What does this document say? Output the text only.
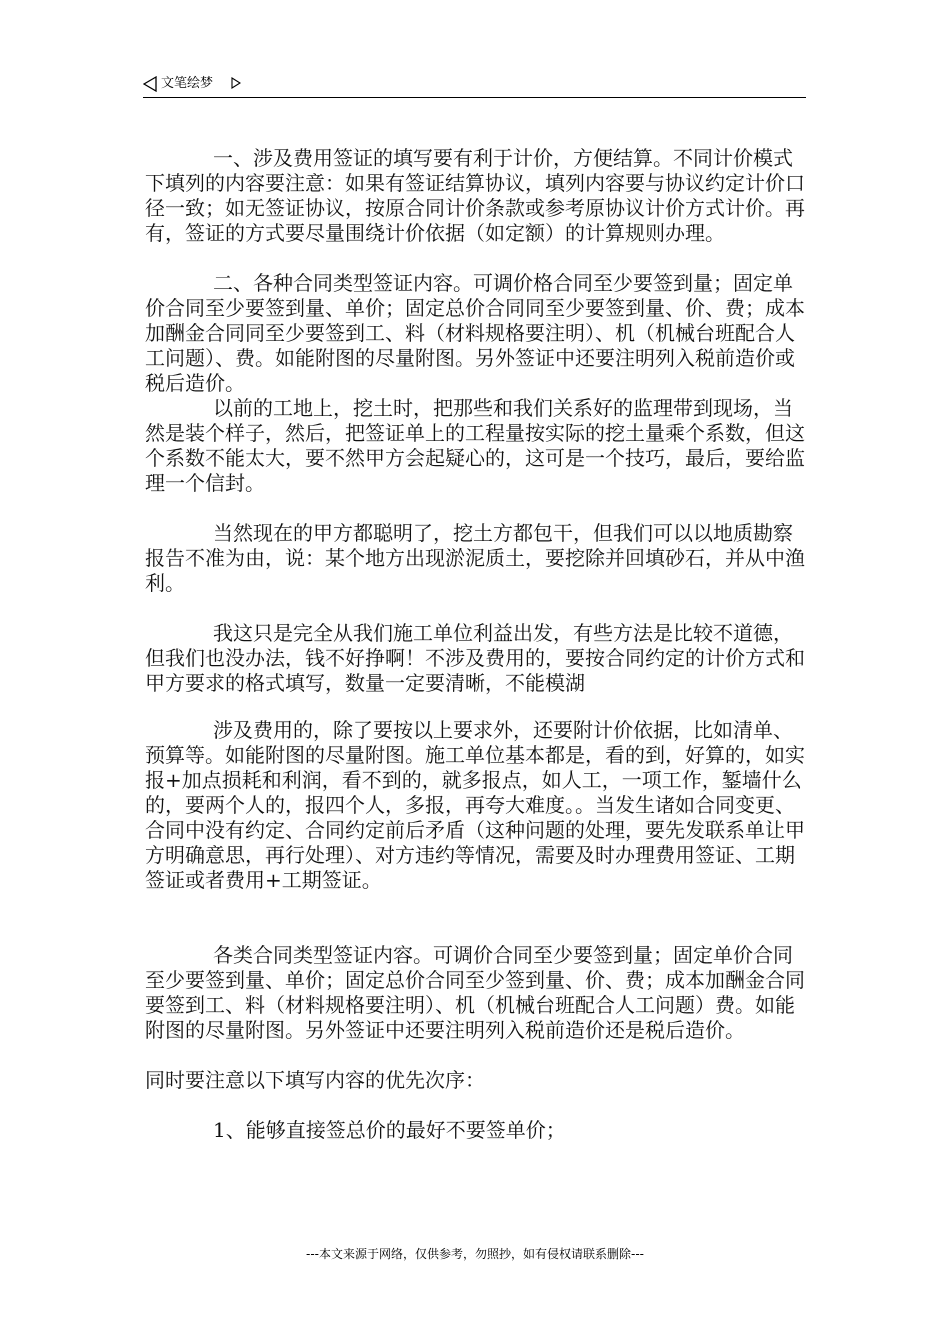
文笔绘梦

一、涉及费用签证的填写要有利于计价，方便结算。不同计价模式下填列的内容要注意：如果有签证结算协议，填列内容要与协议约定计价口径一致；如无签证协议，按原合同计价条款或参考原协议计价方式计价。再有，签证的方式要尽量围绕计价依据（如定额）的计算规则办理。

二、各种合同类型签证内容。可调价格合同至少要签到量；固定单价合同至少要签到量、单价；固定总价合同同至少要签到量、价、费；成本加酬金合同同至少要签到工、料（材料规格要注明）、机（机械台班配合人工问题）、费。如能附图的尽量附图。另外签证中还要注明列入税前造价或税后造价。

以前的工地上，挖土时，把那些和我们关系好的监理带到现场，当然是装个样子，然后，把签证单上的工程量按实际的挖土量乘个系数，但这个系数不能太大，要不然甲方会起疑心的，这可是一个技巧，最后，要给监理一个信封。

当然现在的甲方都聪明了，挖土方都包干，但我们可以以地质勘察报告不准为由，说：某个地方出现淤泥质土，要挖除并回填砂石，并从中渔利。

我这只是完全从我们施工单位利益出发，有些方法是比较不道德，但我们也没办法，钱不好挣啊！不涉及费用的，要按合同约定的计价方式和甲方要求的格式填写，数量一定要清晰，不能模湖

涉及费用的，除了要按以上要求外，还要附计价依据，比如清单、预算等。如能附图的尽量附图。施工单位基本都是，看的到，好算的，如实报+加点损耗和利润，看不到的，就多报点，如人工，一项工作，錾墙什么的，要两个人的，报四个人，多报，再夸大难度。。当发生诸如合同变更、合同中没有约定、合同约定前后矛盾（这种问题的处理，要先发联系单让甲方明确意思，再行处理）、对方违约等情况，需要及时办理费用签证、工期签证或者费用+工期签证。

各类合同类型签证内容。可调价合同至少要签到量；固定单价合同至少要签到量、单价；固定总价合同至少签到量、价、费；成本加酬金合同要签到工、料（材料规格要注明）、机（机械台班配合人工问题）费。如能附图的尽量附图。另外签证中还要注明列入税前造价还是税后造价。

同时要注意以下填写内容的优先次序：

1、能够直接签总价的最好不要签单价；

---本文来源于网络，仅供参考，勿照抄，如有侵权请联系删除---
